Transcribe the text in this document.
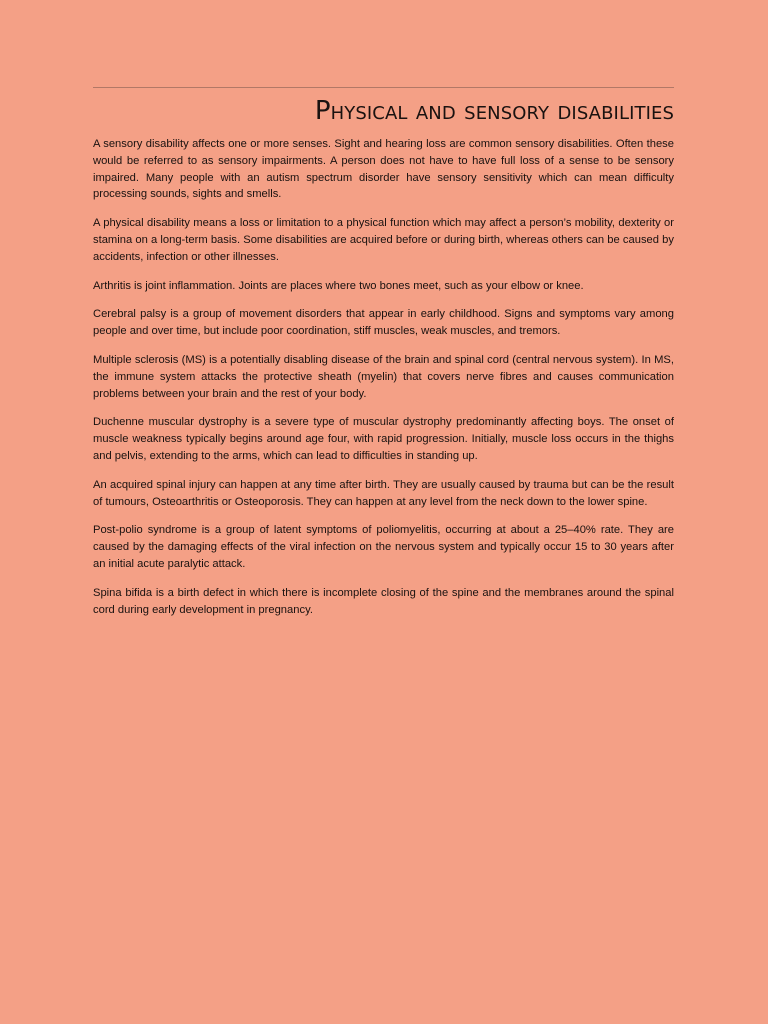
Physical and sensory disabilities

A sensory disability affects one or more senses. Sight and hearing loss are common sensory disabilities. Often these would be referred to as sensory impairments. A person does not have to have full loss of a sense to be sensory impaired. Many people with an autism spectrum disorder have sensory sensitivity which can mean difficulty processing sounds, sights and smells.

A physical disability means a loss or limitation to a physical function which may affect a person’s mobility, dexterity or stamina on a long-term basis. Some disabilities are acquired before or during birth, whereas others can be caused by accidents, infection or other illnesses.

Arthritis is joint inflammation. Joints are places where two bones meet, such as your elbow or knee.

Cerebral palsy is a group of movement disorders that appear in early childhood. Signs and symptoms vary among people and over time, but include poor coordination, stiff muscles, weak muscles, and tremors.

Multiple sclerosis (MS) is a potentially disabling disease of the brain and spinal cord (central nervous system). In MS, the immune system attacks the protective sheath (myelin) that covers nerve fibres and causes communication problems between your brain and the rest of your body.

Duchenne muscular dystrophy is a severe type of muscular dystrophy predominantly affecting boys. The onset of muscle weakness typically begins around age four, with rapid progression. Initially, muscle loss occurs in the thighs and pelvis, extending to the arms, which can lead to difficulties in standing up.

An acquired spinal injury can happen at any time after birth. They are usually caused by trauma but can be the result of tumours, Osteoarthritis or Osteoporosis. They can happen at any level from the neck down to the lower spine.

Post-polio syndrome is a group of latent symptoms of poliomyelitis, occurring at about a 25–40% rate. They are caused by the damaging effects of the viral infection on the nervous system and typically occur 15 to 30 years after an initial acute paralytic attack.

Spina bifida is a birth defect in which there is incomplete closing of the spine and the membranes around the spinal cord during early development in pregnancy.
